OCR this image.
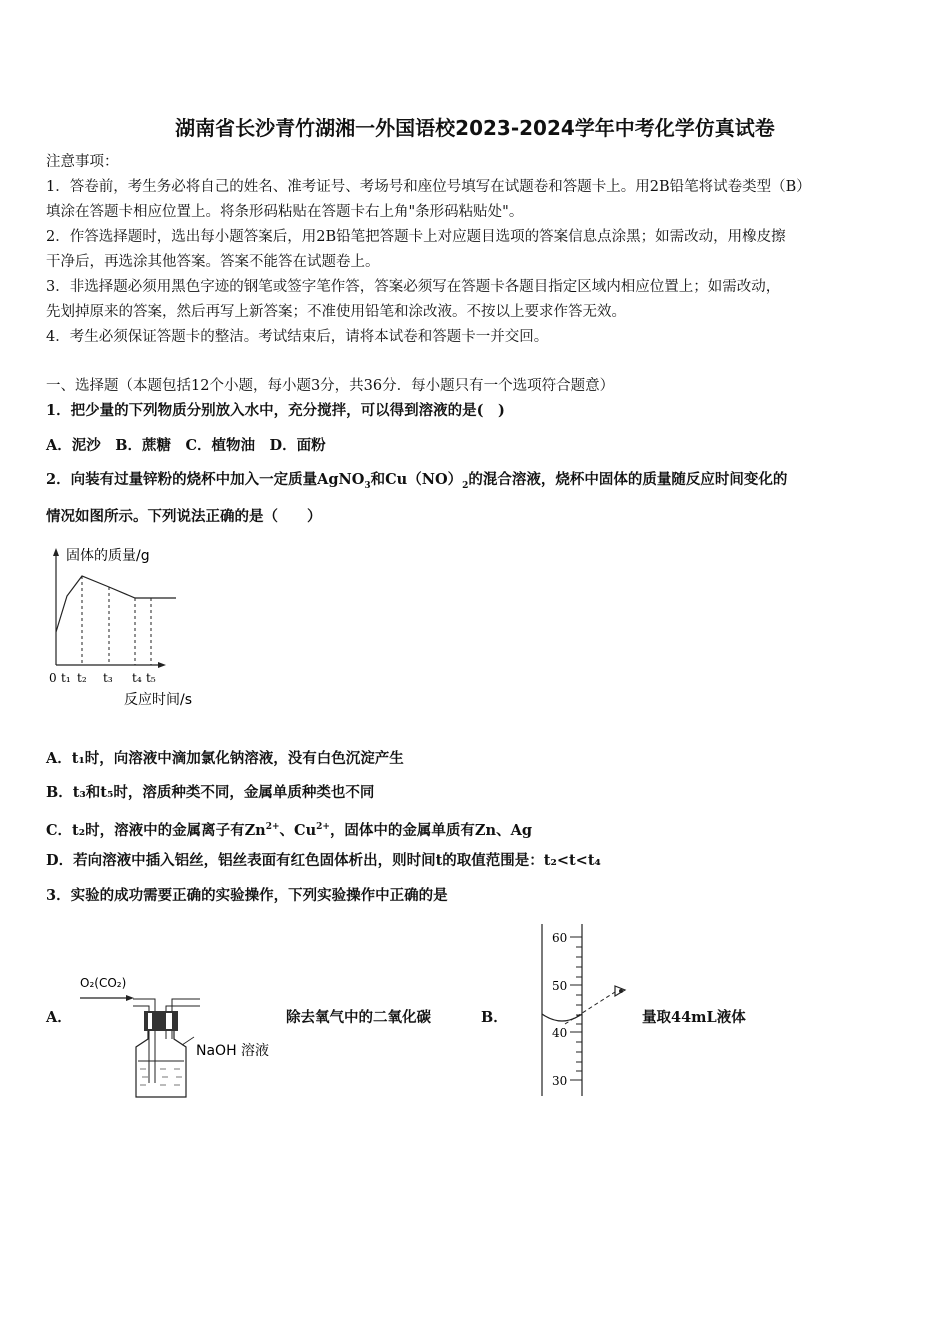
湖南省长沙青竹湖湘一外国语校2023-2024学年中考化学仿真试卷
注意事项：
1．答卷前，考生务必将自己的姓名、准考证号、考场号和座位号填写在试题卷和答题卡上。用2B铅笔将试卷类型（B）
填涂在答题卡相应位置上。将条形码粘贴在答题卡右上角"条形码粘贴处"。
2．作答选择题时，选出每小题答案后，用2B铅笔把答题卡上对应题目选项的答案信息点涂黑；如需改动，用橡皮擦
干净后，再选涂其他答案。答案不能答在试题卷上。
3．非选择题必须用黑色字迹的钢笔或签字笔作答，答案必须写在答题卡各题目指定区域内相应位置上；如需改动，
先划掉原来的答案，然后再写上新答案；不准使用铅笔和涂改液。不按以上要求作答无效。
4．考生必须保证答题卡的整洁。考试结束后，请将本试卷和答题卡一并交回。
一、选择题（本题包括12个小题，每小题3分，共36分．每小题只有一个选项符合题意）
1．把少量的下列物质分别放入水中，充分搅拌，可以得到溶液的是(　)
A．泥沙　B．蔗糖　C．植物油　D．面粉
2．向装有过量锌粉的烧杯中加入一定质量AgNO$_3$和$Cu(NO)_2$的混合溶液，烧杯中固体的质量随反应时间变化的
情况如图所示。下列说法正确的是（　　）
固体的质量/g
0 t₁ t₂ t₃ t₄ t₅
反应时间/s
A．t₁时，向溶液中滴加氯化钠溶液，没有白色沉淀产生
B．t₃和t₅时，溶质种类不同，金属单质种类也不同
C．t₂时，溶液中的金属离子有$Zn^{2+}$、$Cu^{2+}$，固体中的金属单质有Zn、Ag
D．若向溶液中插入铝丝，铝丝表面有红色固体析出，则时间t的取值范围是：t₂<t<t₄
3．实验的成功需要正确的实验操作，下列实验操作中正确的是
A．
O₂(CO₂)
NaOH 溶液
除去氧气中的二氧化碳	B．
60
50
40
30
量取44mL液体
